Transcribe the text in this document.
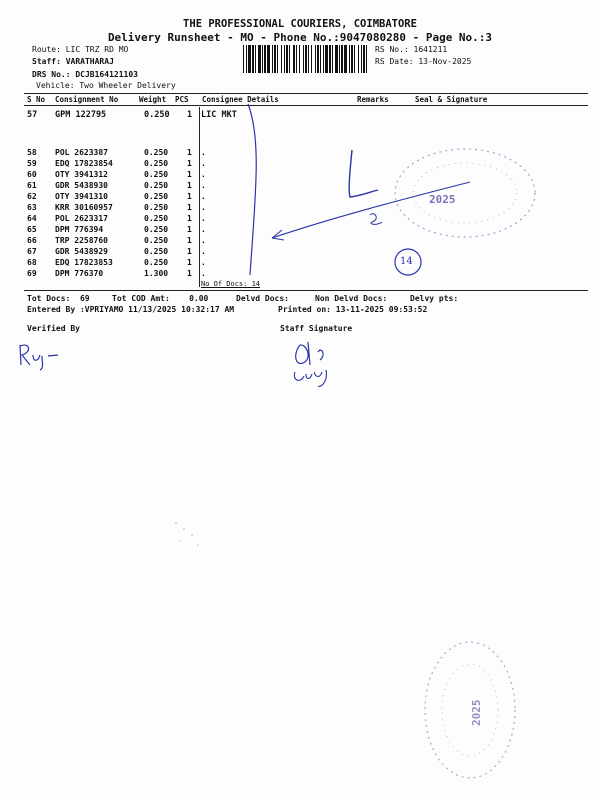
THE PROFESSIONAL COURIERS, COIMBATORE
Delivery Runsheet - MO - Phone No.:9047080280 - Page No.:3
Route: LIC TRZ RD MO
Staff: VARATHARAJ
DRS No.: DCJB164121103
Vehicle: Two Wheeler Delivery
RS No.: 1641211
RS Date: 13-Nov-2025
S No Consignment No	Weight PCS Consignee Details	Remarks	Seal & Signature
57 GPM 122795	0.250 1 LIC MKT
58 POL 2623387	0.250 1 .
59 EDQ 17823854	0.250 1 .
60 OTY 3941312	0.250 1 .
61 GDR 5438930	0.250 1 .
62 OTY 3941310	0.250 1 .
63 KRR 30160957	0.250 1 .
64 POL 2623317	0.250 1 .
65 DPM 776394	0.250 1 .
66 TRP 2258760	0.250 1 .
67 GDR 5438929	0.250 1 .
68 EDQ 17823853	0.250 1 .
69 DPM 776370	1.300 1 .
No Of Docs: 14
Tot Docs:  69	Tot COD Amt:    0.00	Delvd Docs:	Non Delvd Docs:	Delvy pts:
Entered By :VPRIYAMO 11/13/2025 10:32:17 AM	Printed on: 13-11-2025 09:53:52
Verified By	Staff Signature
14
2025
2025
